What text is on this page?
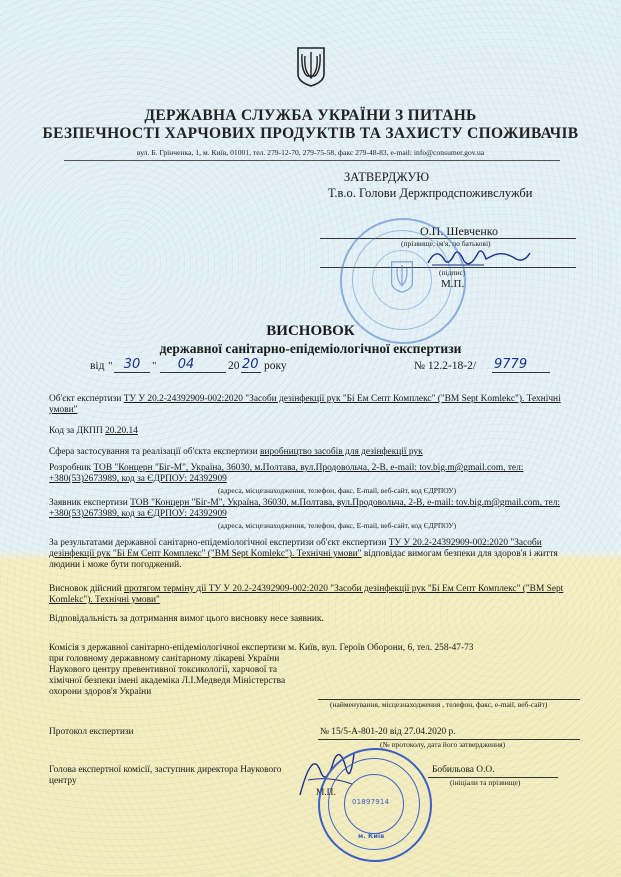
ДЕРЖАВНА СЛУЖБА УКРАЇНИ З ПИТАНЬ
БЕЗПЕЧНОСТІ ХАРЧОВИХ ПРОДУКТІВ ТА ЗАХИСТУ СПОЖИВАЧІВ
вул. Б. Грінченка, 1, м. Київ, 01001, тел. 279-12-70, 279-75-58, факс 279-48-83, e-mail: info@consumer.gov.ua
ЗАТВЕРДЖУЮ
Т.в.о. Голови Держпродспоживслужби
О.П. Шевченко
(прізвище, ім'я, по батькові)
(підпис)
М.П.
ВИСНОВОК
державної санітарно-епідеміологічної експертизи
від " 30	"	04	20 20 року	№ 12.2-18-2/ 9779
Об'єкт експертизи ТУ У 20.2-24392909-002:2020 "Засоби дезінфекції рук "Бі Ем Септ Комплекс" ("BM Sept Komlekc"). Технічні умови"
Код за ДКПП 20.20.14
Сфера застосування та реалізації об'єкта експертизи виробництво засобів для дезінфекції рук
Розробник ТОВ "Концерн "Біг-М", Україна, 36030, м.Полтава, вул.Продовольча, 2-В, e-mail: tov.big.m@gmail.com, тел: +380(53)2673989, код за ЄДРПОУ: 24392909
(адреса, місцезнаходження, телефон, факс, E-mail, веб-сайт, код ЄДРПОУ)
Заявник експертизи ТОВ "Концерн "Біг-М", Україна, 36030, м.Полтава, вул.Продовольча, 2-В, e-mail: tov.big.m@gmail.com, тел: +380(53)2673989, код за ЄДРПОУ: 24392909
(адреса, місцезнаходження, телефон, факс, E-mail, веб-сайт, код ЄДРПОУ)
За результатами державної санітарно-епідеміологічної експертизи об'єкт експертизи ТУ У 20.2-24392909-002:2020 "Засоби дезінфекції рук "Бі Ем Септ Комплекс" ("BM Sept Komlekc"). Технічні умови" відповідає вимогам безпеки для здоров'я і життя людини і може бути погоджений.
Висновок дійсний протягом терміну дії ТУ У 20.2-24392909-002:2020 "Засоби дезінфекції рук "Бі Ем Септ Комплекс" ("BM Sept Komlekc"). Технічні умови"
Відповідальність за дотримання вимог цього висновку несе заявник.
Комісія з державної санітарно-епідеміологічної експертизи м. Київ, вул. Героїв Оборони, 6, тел. 258-47-73
при головному державному санітарному лікареві України
Наукового центру превентивної токсикології, харчової та
хімічної безпеки імені академіка Л.І.Медведя Міністерства
охорони здоров'я України
(найменування, місцезнаходження , телефон, факс, e-mail, веб-сайт)
Протокол експертизи	№ 15/5-А-801-20 від 27.04.2020 р.
(№ протоколу, дата його затвердження)
Голова експертної комісії, заступник директора Наукового
центру
Бобильова О.О.
(ініціали та прізвище)
М.П.
01897914
м. Київ
